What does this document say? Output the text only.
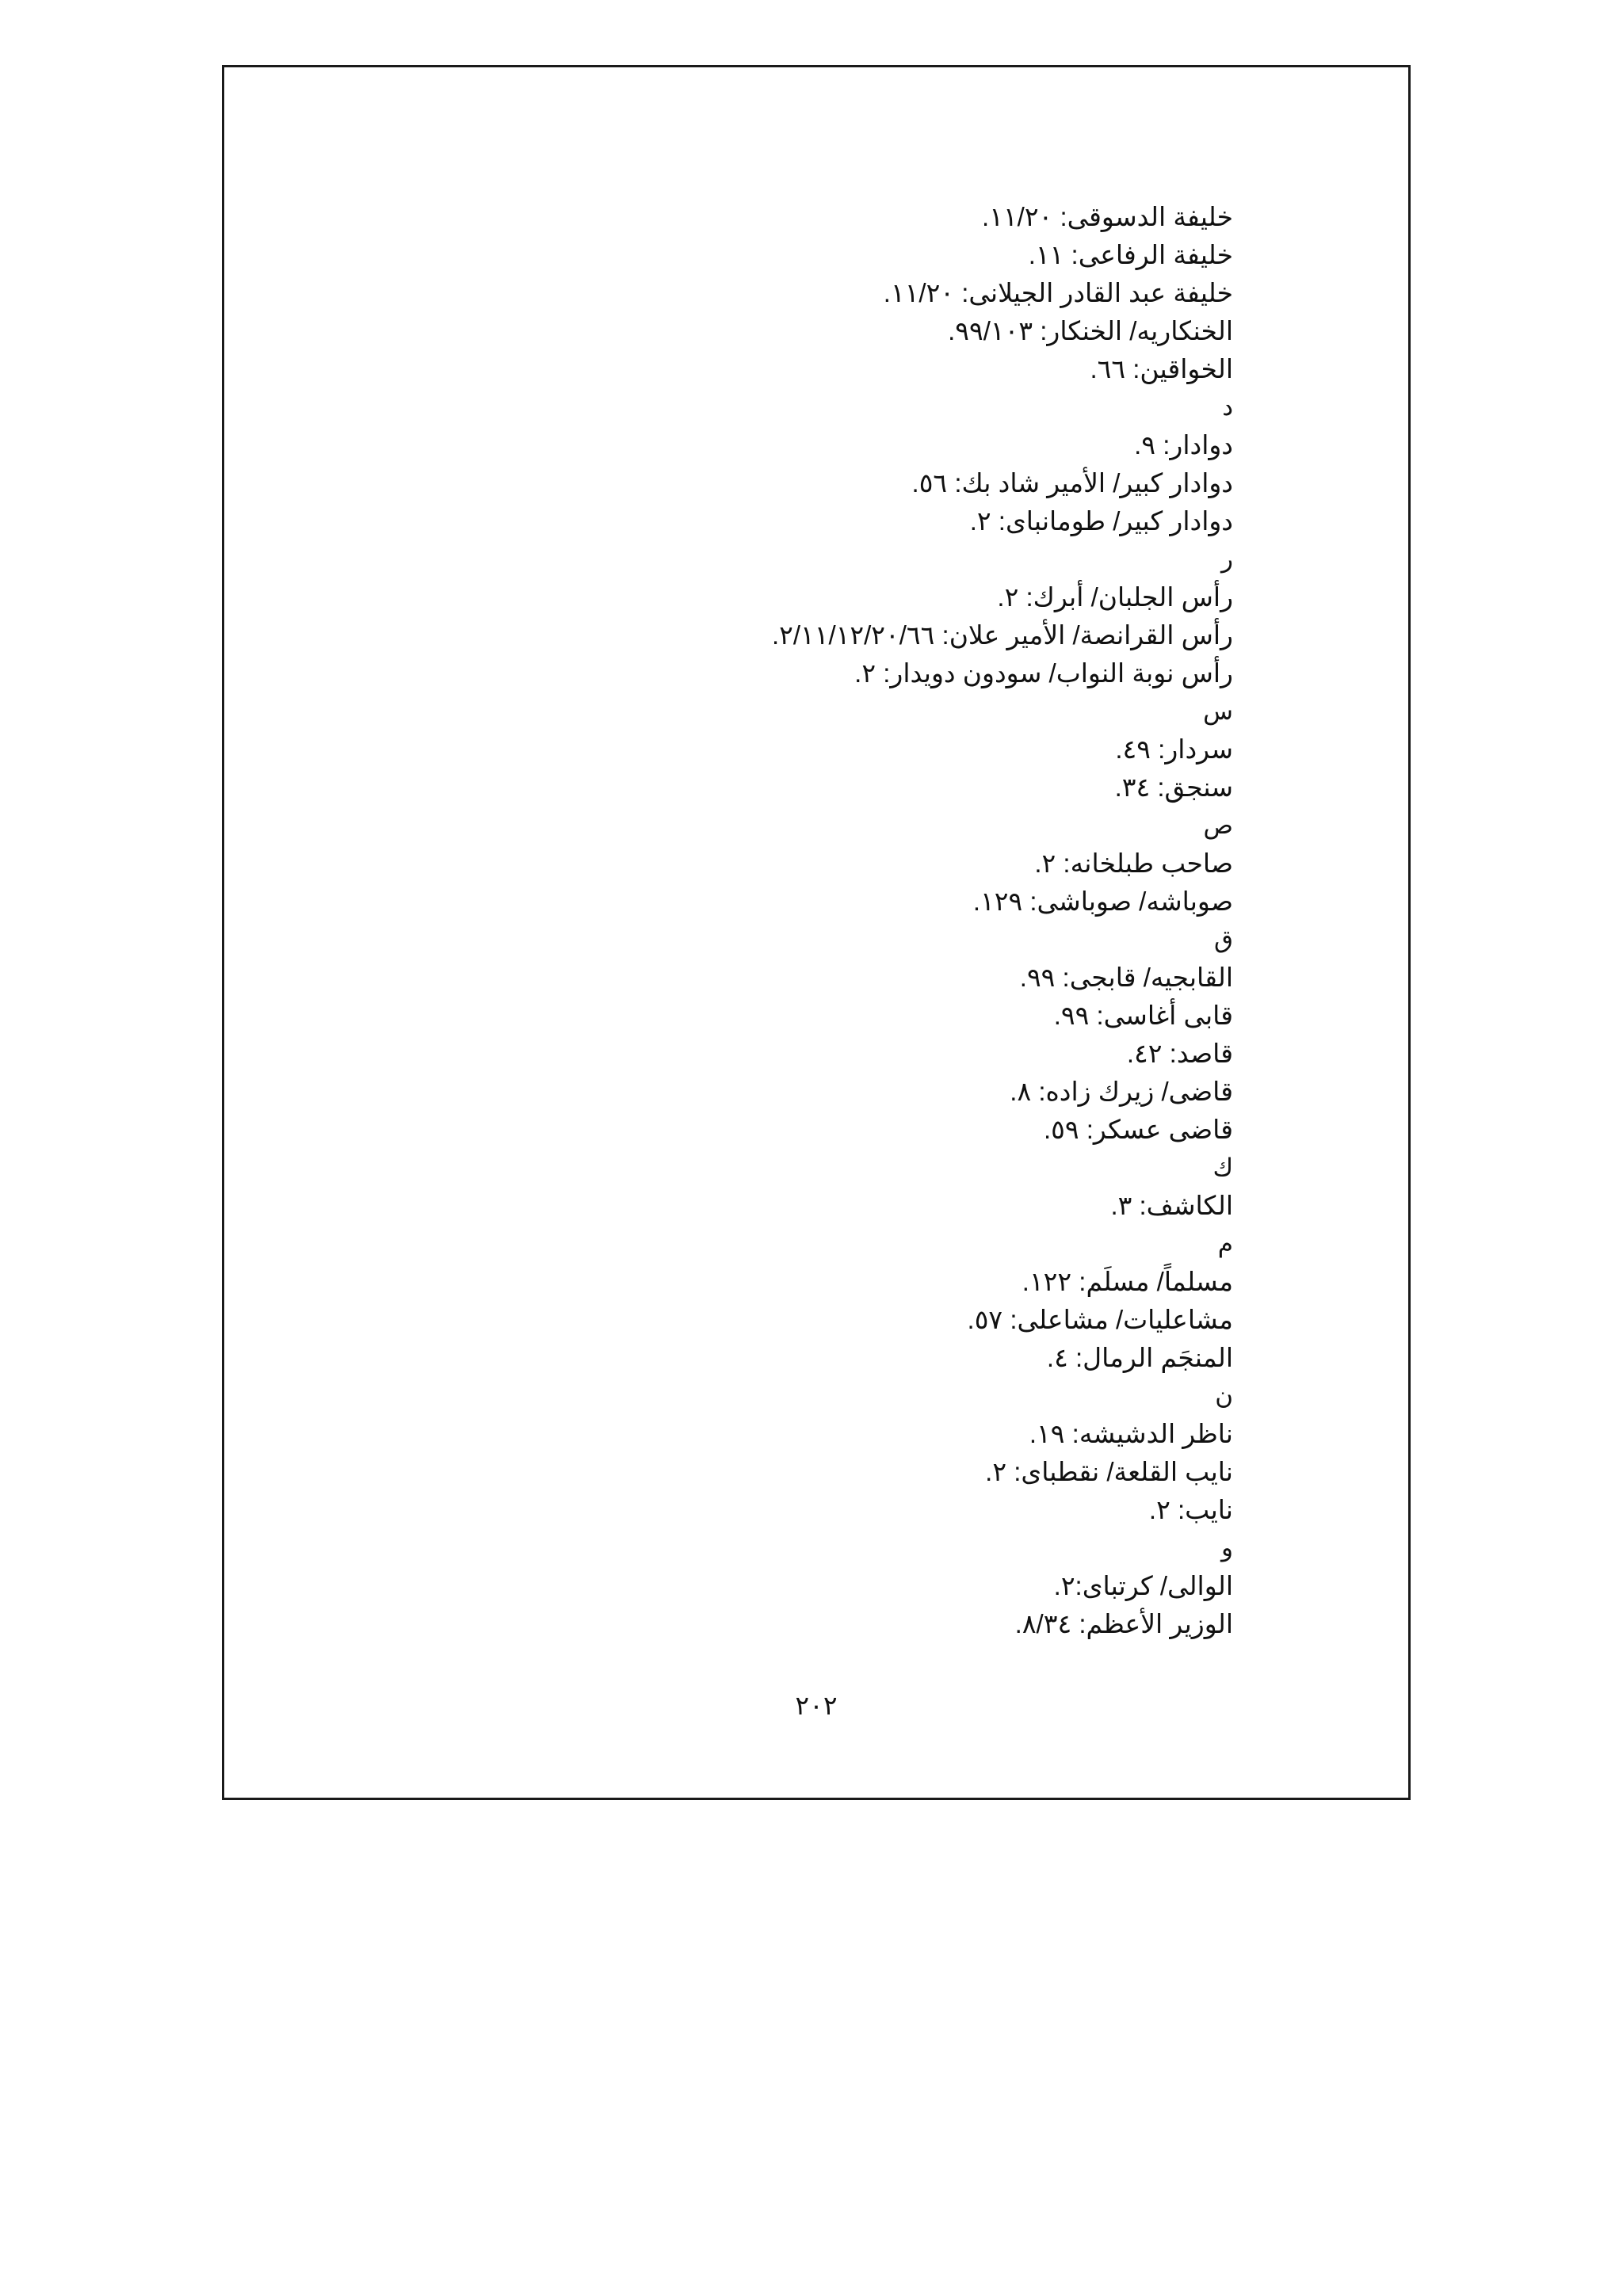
خليفة الدسوقى: ١١/٢٠.
خليفة الرفاعى: ١١.
خليفة عبد القادر الجيلانى: ١١/٢٠.
الخنكاريه/ الخنكار: ٩٩/١٠٣.
الخواقين: ٦٦.
د
دوادار: ٩.
دوادار كبير/ الأمير شاد بك: ٥٦.
دوادار كبير/ طومانباى: ٢.
ر
رأس الجلبان/ أبرك: ٢.
رأس القرانصة/ الأمير علان: ٢/١١/١٢/٢٠/٦٦.
رأس نوبة النواب/ سودون دويدار: ٢.
س
سردار: ٤٩.
سنجق: ٣٤.
ص
صاحب طبلخانه: ٢.
صوباشه/ صوباشى: ١٢٩.
ق
القابجيه/ قابجى: ٩٩.
قابى أغاسى: ٩٩.
قاصد: ٤٢.
قاضى/ زيرك زاده: ٨.
قاضى عسكر: ٥٩.
ك
الكاشف: ٣.
م
مسلماً/ مسلَم: ١٢٢.
مشاعليات/ مشاعلى: ٥٧.
المنجَم الرمال: ٤.
ن
ناظر الدشيشه: ١٩.
نايب القلعة/ نقطباى: ٢.
نايب: ٢.
و
الوالى/ كرتباى:٢.
الوزير الأعظم: ٨/٣٤.
٢٠٢
